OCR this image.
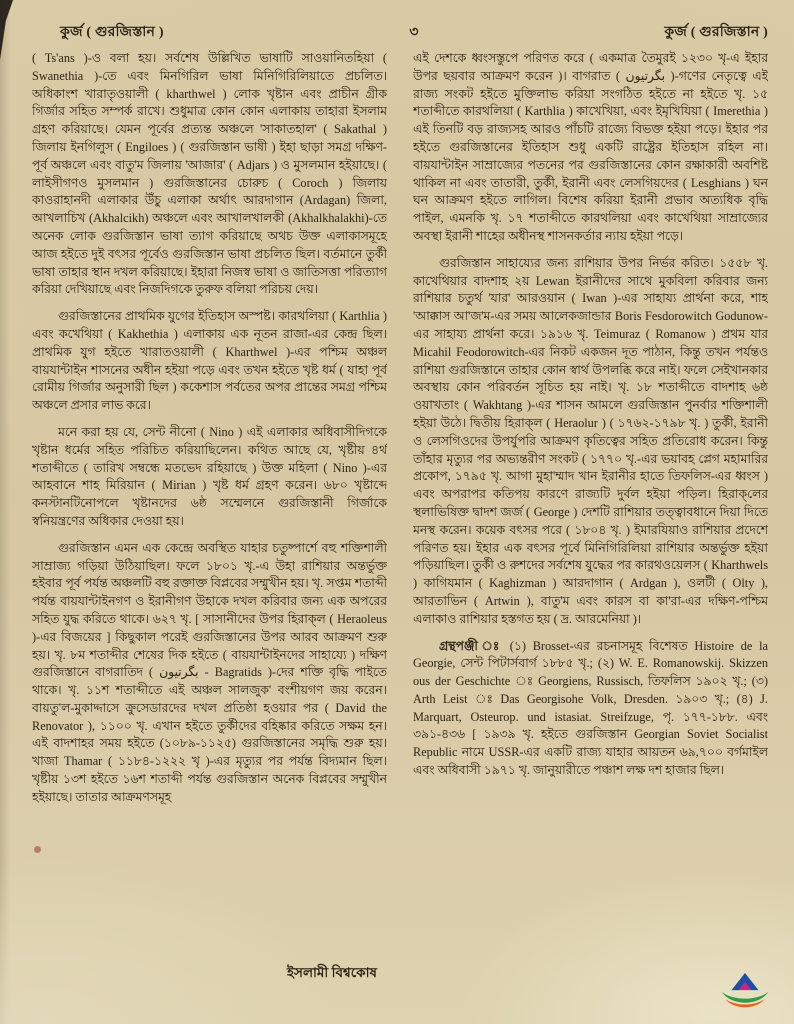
কুর্জ ( গুরজিস্তান )	৩	কুর্জ ( গুরজিস্তান )

( Ts'ans )-ও বলা হয়। সর্বশেষ উল্লিখিত ভাষাটি সাওয়ানিতহিয়া ( Swanethia )-তে এবং মিনগিরিল ভাষা মিনিগিরিলিয়াতে প্রচলিত। অধিকাংশ খারাতৃওয়ালী ( kharthwel ) লোক খৃষ্টান এবং প্রাচীন গ্রীক গির্জার সহিত সম্পর্ক রাখে। শুধুমাত্র কোন কোন এলাকায় তাহারা ইসলাম গ্রহণ করিয়াছে। যেমন পূর্বের প্রত্যন্ত অঞ্চলে 'সাকাতহাল' ( Sakathal ) জিলায় ইনগিলুস ( Engiloes ) ( গুরজিস্তান ভাষী ) ইহা ছাড়া সমগ্র দক্ষিণ-পূর্ব অঞ্চলে এবং বাতু'ম জিলায় 'আজার' ( Adjars ) ও মুসলমান হইয়াছে। ( লাইসীগণও মুসলমান ) গুরজিস্তানের চোরুচ ( Coroch ) জিলায় কাওরাহানদী এলাকার উঁচু এলাকা অর্থাৎ আরদাগান (Ardagan) জিলা, আখলাচিখ (Akhalcikh) অঞ্চলে এবং আখালখালকী (Akhalkhalakhi)-তে অনেক লোক গুরজিস্তান ভাষা ত্যাগ করিয়াছে অথচ উক্ত এলাকাসমূহে আজ হইতে দুই বৎসর পূর্বেও গুরজিস্তান ভাষা প্রচলিত ছিল। বর্তমানে তুর্কী ভাষা তাহার স্থান দখল করিয়াছে। ইহারা নিজস্ব ভাষা ও জাতিসত্তা পরিত্যাগ করিয়া দেখিয়াছে এবং নিজদিগকে তুরুফ বলিয়া পরিচয় দেয়।

গুরজিস্তানের প্রাথমিক যুগের ইতিহাস অস্পষ্ট। কারথলিয়া ( Karthlia ) এবং কখেথিয়া ( Kakhethia ) এলাকায় এক নূতন রাজা-এর কেন্দ্র ছিল। প্রাথমিক যুগ হইতে খারাতওয়ালী ( Kharthwel )-এর পশ্চিম অঞ্চল বায়যান্টাইন শাসনের অধীন হইয়া পড়ে এবং তখন হইতে খৃষ্ট ধর্ম ( যাহা পূর্ব রোমীয় গির্জার অনুসারী ছিল ) ককেশাস পর্বতের অপর প্রান্তের সমগ্র পশ্চিম অঞ্চলে প্রসার লাভ করে।

মনে করা হয় যে, সেন্ট নীনো ( Nino ) এই এলাকার অধিবাসীদিগকে খৃষ্টান ধর্মের সহিত পরিচিত করিয়াছিলেন। কথিত আছে যে, খৃষ্টীয় ৪র্থ শতাব্দীতে ( তারিখ সম্বন্ধে মতভেদ রহিয়াছে ) উক্ত মহিলা ( Nino )-এর আহবানে শাহ মিরিয়ান ( Mirian ) খৃষ্ট ধর্ম গ্রহণ করেন। ৬৮০ খৃষ্টাব্দে কনস্টানটিনোপলে খৃষ্টানদের ৬ষ্ঠ সম্মেলনে গুরজিস্তানী গির্জাকে স্বনিয়ন্ত্রণের অধিকার দেওয়া হয়।

গুরজিস্তান এমন এক কেন্দ্রে অবস্থিত যাহার চতুষ্পার্শে বহু শক্তিশালী সাম্রাজ্য গড়িয়া উঠিয়াছিল। ফলে ১৮০১ খৃ.-এ উহা রাশিয়ার অন্তর্ভুক্ত হইবার পূর্ব পর্যন্ত অঞ্চলটি বহু রক্তাক্ত বিপ্লবের সম্মুখীন হয়। খৃ. সপ্তম শতাব্দী পর্যন্ত বায়যান্টাইনগণ ও ইরানীগণ উহাকে দখল করিবার জন্য এক অপরের সহিত যুদ্ধ করিতে থাকে। ৬২৭ খৃ. [ সাসানীদের উপর হিরাক্‌ল ( Heraoleus )-এর বিজয়ের ] কিছুকাল পরেই গুরজিস্তানের উপর আরব আক্রমণ শুরু হয়। খৃ. ৮ম শতাব্দীর শেষের দিক হইতে ( বায়যান্টাইনদের সাহায্যে ) দক্ষিণ গুরজিস্তানে বাগরাতিদ ( بگرتيون - Bagratids )-দের শক্তি বৃদ্ধি পাইতে থাকে। খৃ. ১১শ শতাব্দীতে এই অঞ্চল সালজুক' বংশীয়গণ জয় করেন। বায়তু'ল-মুকাদ্দাসে ক্রুসেডারদের দখল প্রতিষ্ঠা হওয়ার পর ( David the Renovator ), ১১০০ খৃ. এখান হইতে তুর্কীদের বহিষ্কার করিতে সক্ষম হন। এই বাদশাহর সময় হইতে (১০৮৯-১১২৫) গুরজিস্তানের সমৃদ্ধি শুরু হয়। খাজা Thamar ( ১১৮৪-১২২২ খৃ )-এর মৃত্যুর পর পর্যন্ত বিদ্যমান ছিল। খৃষ্টীয় ১৩শ হইতে ১৬শ শতাব্দী পর্যন্ত গুরজিস্তান অনেক বিপ্লবের সম্মুখীন হইয়াছে। তাতার আক্রমণসমূহ

এই দেশকে ধ্বংসস্তুপে পরিণত করে ( একমাত্র তৈমুরই ১২৩০ খৃ-এ ইহার উপর ছয়বার আক্রমণ করেন )। বাগরাত ( بگرتيون )-গণের নেতৃত্বে এই রাজ্য সংকট হইতে মুক্তিলাভ করিয়া সংগঠিত হইতে না হইতে খৃ. ১৫ শতাব্দীতে কারথলিয়া ( Karthlia ) কাখেখিয়া, এবং ইমৃখিযিয়া ( Imerethia ) এই তিনটি বড় রাজ্যসহ আরও পাঁচটি রাজ্যে বিভক্ত হইয়া পড়ে। ইহার পর হইতে গুরজিস্তানের ইতিহাস শুধু একটি রাষ্ট্রের ইতিহাস রহিল না। বায়যান্টাইন সাম্রাজ্যের পতনের পর গুরজিস্তানের কোন রক্ষাকারী অবশিষ্ট থাকিল না এবং তাতারী, তুর্কী, ইরানী এবং লেসগিয়দের ( Lesghians ) ঘন ঘন আক্রমণ হইতে লাগিল। বিশেষ করিয়া ইরানী প্রভাব অত্যধিক বৃদ্ধি পাইল, এমনকি খৃ. ১৭ শতাব্দীতে কারথলিয়া এবং কাখেথিয়া সাম্রাজ্যের অবস্থা ইরানী শাহের অধীনস্থ শাসনকর্তার ন্যায় হইয়া পড়ে।

গুরজিস্তান সাহায্যের জন্য রাশিয়ার উপর নির্ভর করিত। ১৫৫৮ খৃ. কাখেথিয়ার বাদশাহ ২য় Lewan ইরানীদের সাথে মুকবিলা করিবার জন্য রাশিয়ার চতুর্থ 'যার' আরওয়ান ( Iwan )-এর সাহায্য প্রার্থনা করে, শাহ 'আক্কাস আ'জ'ম-এর সময় আলেকজান্ডার Boris Fesdorowitch Godunow-এর সাহায্য প্রার্থনা করে। ১৯১৬ খৃ. Teimuraz ( Romanow ) প্রথম যার Micahil Feodorowitch-এর নিকট একজন দূত পাঠান, কিন্তু তখন পর্যন্তও রাশিয়া গুরজিস্তানে তাহার কোন স্বার্থ উপলব্ধি করে নাই। ফলে সেইখানকার অবস্থায় কোন পরিবর্তন সূচিত হয় নাই। খৃ. ১৮ শতাব্দীতে বাদশাহ ৬ষ্ঠ ওয়াখতাং ( Wakhtang )-এর শাসন আমলে গুরজিস্তান পুনর্বার শক্তিশালী হইয়া উঠে। দ্বিতীয় হিরাক্‌ল ( Heraolur ) ( ১৭৬২-১৭৯৮ খৃ. ) তুর্কী, ইরানী ও লেসগিওদের উপর্যুপরি আক্রমণ কৃতিত্বের সহিত প্রতিরোধ করেন। কিন্তু তাঁহার মৃত্যুর পর অভ্যন্তরীণ সংকট ( ১৭৭০ খৃ.-এর ভয়াবহ প্লেগ মহামারির প্রকোপ, ১৭৯৫ খৃ. আগা মুহা'ম্মাদ খান ইরানীর হাতে তিফলিস-এর ধ্বংস ) এবং অপরাপর কতিপয় কারণে রাজ্যটি দুর্বল হইয়া পড়িল। হিরাক্‌লের স্থলাভিষিক্ত দ্বাদশ জর্জ ( George ) দেশটি রাশিয়ার তত্ত্বাবধানে দিয়া দিতে মনস্থ করেন। কয়েক বৎসর পরে ( ১৮০৪ খৃ. ) ইমারযিয়াও রাশিয়ার প্রদেশে পরিণত হয়। ইহার এক বৎসর পূর্বে মিনিগিরিলিয়া রাশিয়ার অন্তর্ভুক্ত হইয়া পড়িয়াছিল। তুর্কী ও রুশদের সর্বশেষ যুদ্ধের পর কারথওয়েলস ( Kharthwels ) কাগিযমান ( Kaghizman ) আরদাগান ( Ardgan ), ওলটী ( Olty ), আরতাভিন ( Artwin ), বাতু'ম এবং কারস বা কা'রা-এর দক্ষিণ-পশ্চিম এলাকাও রাশিয়ার হস্তগত হয় ( দ্র. আরমেনিয়া )।

গ্রন্থপঞ্জী ঃ (১) Brosset-এর রচনাসমূহ বিশেষত Histoire de la Georgie, সেন্ট পিটার্সবার্গ ১৮৮৫ খৃ.; (২) W. E. Romanowskij. Skizzen ous der Geschichte ঃ Georgiens, Russisch, তিফলিস ১৯০২ খৃ.; (৩) Arth Leist ঃ Das Georgisohe Volk, Dresden. ১৯০৩ খৃ.; (৪) J. Marquart, Osteurop. und istasiat. Streifzuge, পৃ. ১৭৭-১৮৮. এবং ৩৯১-৪৩৬ [ ১৯৩৯ খৃ. হইতে গুরজিস্তান Georgian Soviet Socialist Republic নামে USSR-এর একটি রাজ্য যাহার আয়তন ৬৯,৭০০ বর্গমাইল এবং অধিবাসী ১৯৭১ খৃ. জানুয়ারীতে পঞ্চাশ লক্ষ দশ হাজার ছিল।

ইসলামী বিশ্বকোষ
